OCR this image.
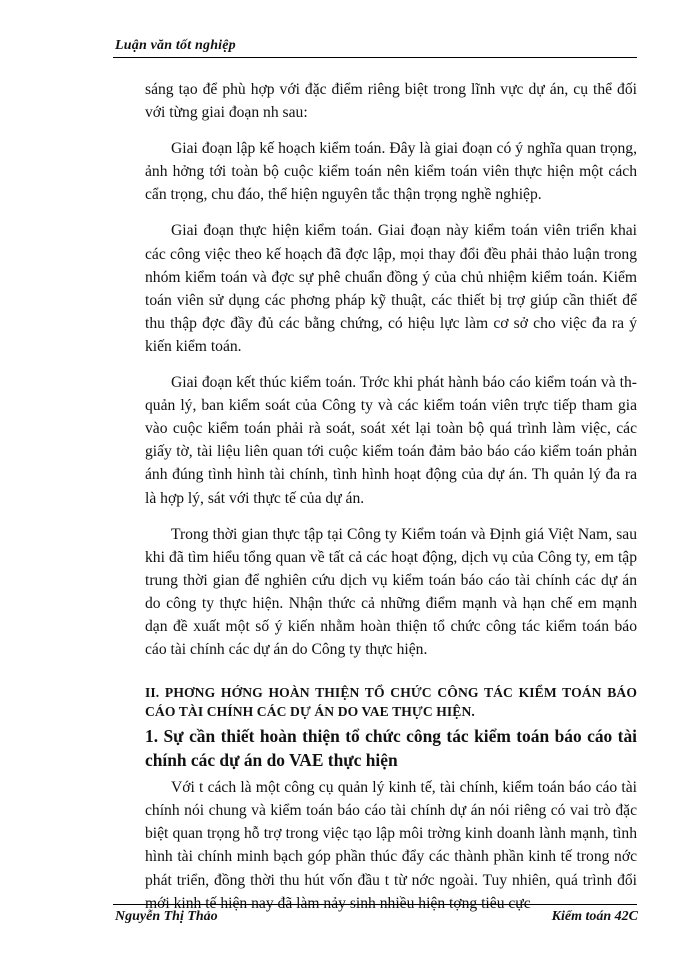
Luận văn tốt nghiệp

sáng tạo để phù hợp với đặc điểm riêng biệt trong lĩnh vực dự án, cụ thể đối với từng giai đoạn nh sau:

Giai đoạn lập kế hoạch kiểm toán. Đây là giai đoạn có ý nghĩa quan trọng, ảnh hởng tới toàn bộ cuộc kiểm toán nên kiểm toán viên thực hiện một cách cẩn trọng, chu đáo, thể hiện nguyên tắc thận trọng nghề nghiệp.

Giai đoạn thực hiện kiểm toán. Giai đoạn này kiểm toán viên triển khai các công việc theo kế hoạch đã đợc lập, mọi thay đổi đều phải thảo luận trong nhóm kiểm toán và đợc sự phê chuẩn đồng ý của chủ nhiệm kiểm toán. Kiểm toán viên sử dụng các phơng pháp kỹ thuật, các thiết bị trợ giúp cần thiết để thu thập đợc đầy đủ các bằng chứng, có hiệu lực làm cơ sở cho việc đa ra ý kiến kiểm toán.

Giai đoạn kết thúc kiểm toán. Trớc khi phát hành báo cáo kiểm toán và th quản lý, ban kiểm soát của Công ty và các kiểm toán viên trực tiếp tham gia vào cuộc kiểm toán phải rà soát, soát xét lại toàn bộ quá trình làm việc, các giấy tờ, tài liệu liên quan tới cuộc kiểm toán đảm bảo báo cáo kiểm toán phản ánh đúng tình hình tài chính, tình hình hoạt động của dự án. Th quản lý đa ra là hợp lý, sát với thực tế của dự án.

Trong thời gian thực tập tại Công ty Kiểm toán và Định giá Việt Nam, sau khi đã tìm hiểu tổng quan về tất cả các hoạt động, dịch vụ của Công ty, em tập trung thời gian để nghiên cứu dịch vụ kiểm toán báo cáo tài chính các dự án do công ty thực hiện. Nhận thức cả những điểm mạnh và hạn chế em mạnh dạn đề xuất một số ý kiến nhằm hoàn thiện tổ chức công tác kiểm toán báo cáo tài chính các dự án do Công ty thực hiện.

II. PHƠNG HỚNG HOÀN THIỆN TỔ CHỨC CÔNG TÁC KIỂM TOÁN BÁO CÁO TÀI CHÍNH CÁC DỰ ÁN DO VAE THỰC HIỆN.
1. Sự cần thiết hoàn thiện tổ chức công tác kiểm toán báo cáo tài chính các dự án do VAE thực hiện

Với t cách là một công cụ quản lý kinh tế, tài chính, kiểm toán báo cáo tài chính nói chung và kiểm toán báo cáo tài chính dự án nói riêng có vai trò đặc biệt quan trọng hỗ trợ trong việc tạo lập môi trờng kinh doanh lành mạnh, tình hình tài chính minh bạch góp phần thúc đẩy các thành phần kinh tế trong nớc phát triển, đồng thời thu hút vốn đầu t từ nớc ngoài. Tuy nhiên, quá trình đổi mới kinh tế hiện nay đã làm nảy sinh nhiều hiện tợng tiêu cực

Nguyễn Thị Thảo	Kiểm toán 42C
